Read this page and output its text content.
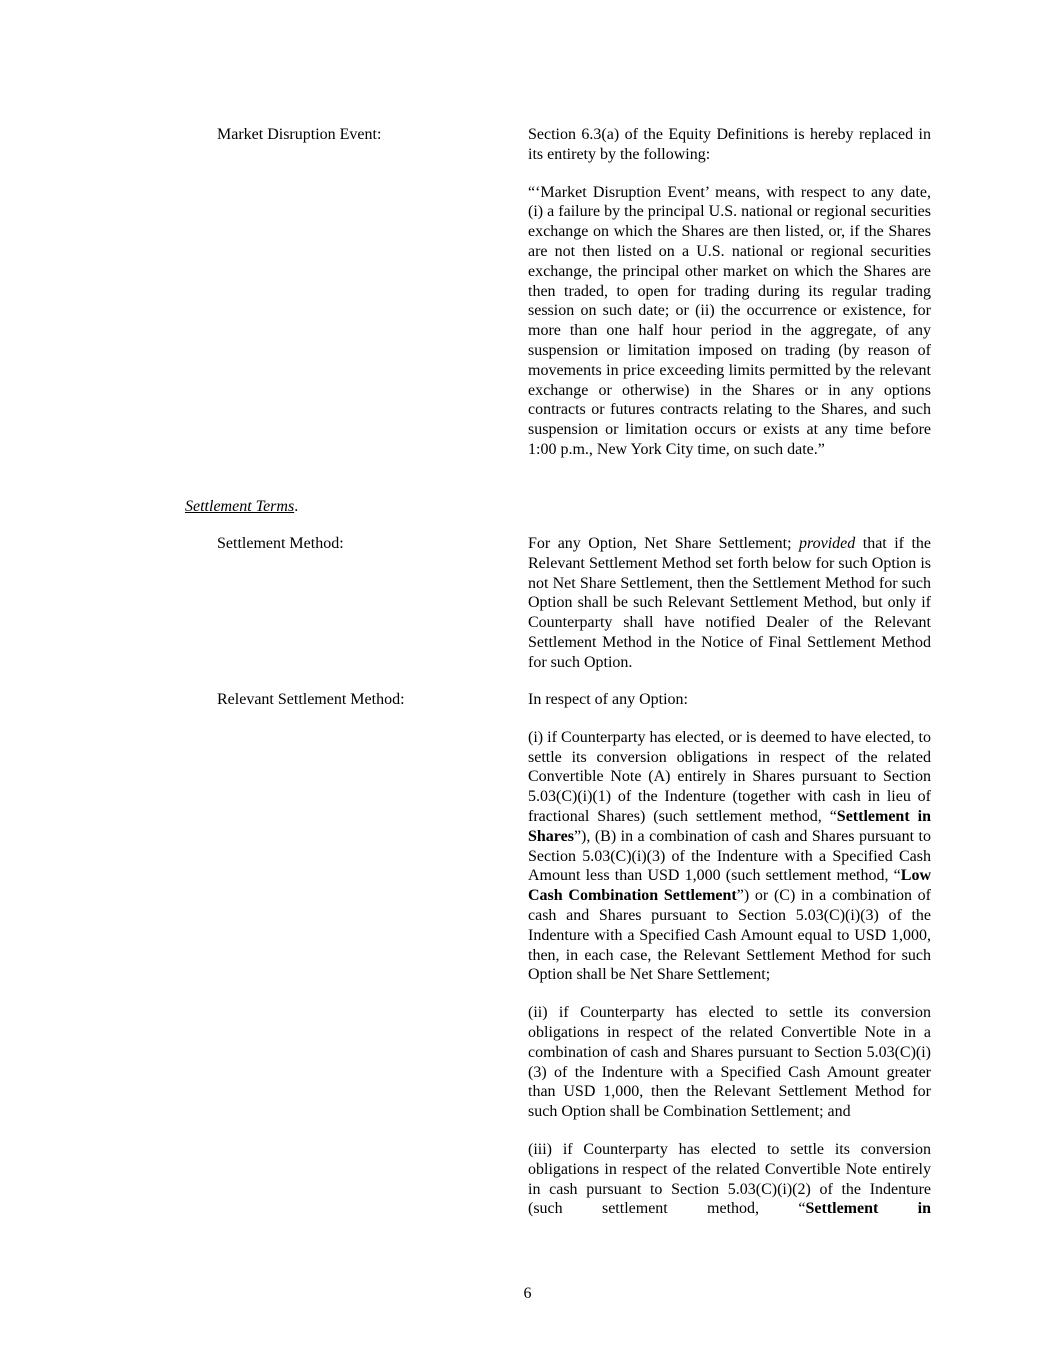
Market Disruption Event:	Section 6.3(a) of the Equity Definitions is hereby replaced in its entirety by the following:

“‘Market Disruption Event’ means, with respect to any date, (i) a failure by the principal U.S. national or regional securities exchange on which the Shares are then listed, or, if the Shares are not then listed on a U.S. national or regional securities exchange, the principal other market on which the Shares are then traded, to open for trading during its regular trading session on such date; or (ii) the occurrence or existence, for more than one half hour period in the aggregate, of any suspension or limitation imposed on trading (by reason of movements in price exceeding limits permitted by the relevant exchange or otherwise) in the Shares or in any options contracts or futures contracts relating to the Shares, and such suspension or limitation occurs or exists at any time before 1:00 p.m., New York City time, on such date.”

Settlement Terms.
Settlement Method:	For any Option, Net Share Settlement; provided that if the Relevant Settlement Method set forth below for such Option is not Net Share Settlement, then the Settlement Method for such Option shall be such Relevant Settlement Method, but only if Counterparty shall have notified Dealer of the Relevant Settlement Method in the Notice of Final Settlement Method for such Option.

Relevant Settlement Method:	In respect of any Option:

(i) if Counterparty has elected, or is deemed to have elected, to settle its conversion obligations in respect of the related Convertible Note (A) entirely in Shares pursuant to Section 5.03(C)(i)(1) of the Indenture (together with cash in lieu of fractional Shares) (such settlement method, “Settlement in Shares”), (B) in a combination of cash and Shares pursuant to Section 5.03(C)(i)(3) of the Indenture with a Specified Cash Amount less than USD 1,000 (such settlement method, “Low Cash Combination Settlement”) or (C) in a combination of cash and Shares pursuant to Section 5.03(C)(i)(3) of the Indenture with a Specified Cash Amount equal to USD 1,000, then, in each case, the Relevant Settlement Method for such Option shall be Net Share Settlement;

(ii) if Counterparty has elected to settle its conversion obligations in respect of the related Convertible Note in a combination of cash and Shares pursuant to Section 5.03(C)(i)(3) of the Indenture with a Specified Cash Amount greater than USD 1,000, then the Relevant Settlement Method for such Option shall be Combination Settlement; and

(iii) if Counterparty has elected to settle its conversion obligations in respect of the related Convertible Note entirely in cash pursuant to Section 5.03(C)(i)(2) of the Indenture (such settlement method, “Settlement in

6
